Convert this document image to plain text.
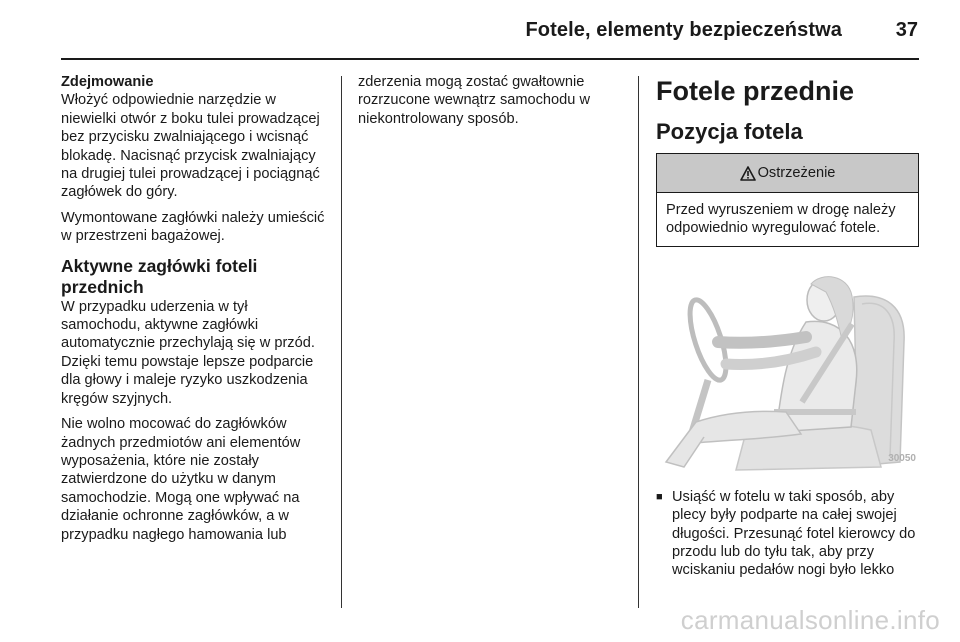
Fotele, elementy bezpieczeństwa	37
Zdejmowanie

Włożyć odpowiednie narzędzie w niewielki otwór z boku tulei prowadzącej bez przycisku zwalniającego i wcisnąć blokadę. Nacisnąć przycisk zwalniający na drugiej tulei prowadzącej i pociągnąć zagłówek do góry.

Wymontowane zagłówki należy umieścić w przestrzeni bagażowej.

Aktywne zagłówki foteli przednich

W przypadku uderzenia w tył samochodu, aktywne zagłówki automatycznie przechylają się w przód. Dzięki temu powstaje lepsze podparcie dla głowy i maleje ryzyko uszkodzenia kręgów szyjnych.

Nie wolno mocować do zagłówków żadnych przedmiotów ani elementów wyposażenia, które nie zostały zatwierdzone do użytku w danym samochodzie. Mogą one wpływać na działanie ochronne zagłówków, a w przypadku nagłego hamowania lub

zderzenia mogą zostać gwałtownie rozrzucone wewnątrz samochodu w niekontrolowany sposób.

Fotele przednie
Pozycja fotela
Ostrzeżenie
Przed wyruszeniem w drogę należy odpowiednio wyregulować fotele.
30050
■ Usiąść w fotelu w taki sposób, aby plecy były podparte na całej swojej długości. Przesunąć fotel kierowcy do przodu lub do tyłu tak, aby przy wciskaniu pedałów nogi było lekko
carmanualsonline.info
